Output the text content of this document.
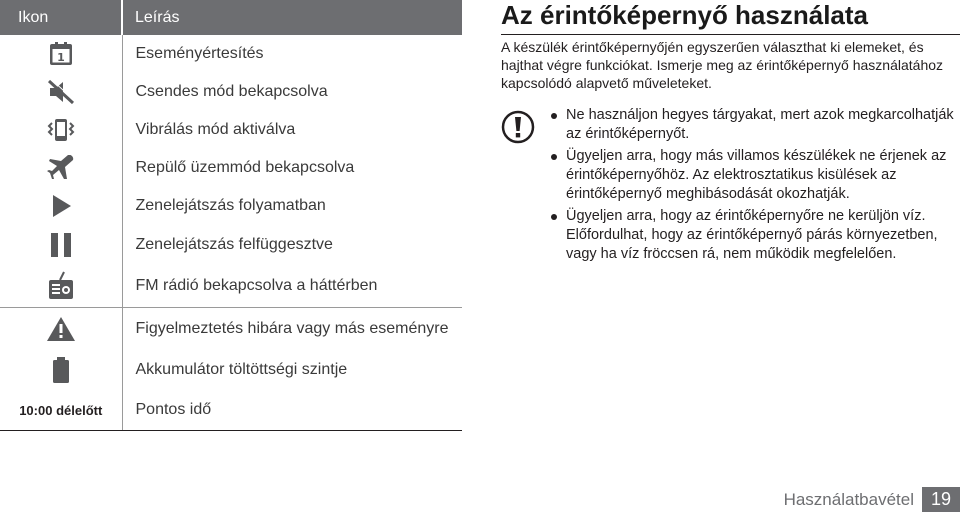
Ikon	Leírás

1	Eseményértesítés
	Csendes mód bekapcsolva
	Vibrálás mód aktiválva
	Repülő üzemmód bekapcsolva
	Zenelejátszás folyamatban
	Zenelejátszás felfüggesztve
	FM rádió bekapcsolva a háttérben
	Figyelmeztetés hibára vagy más eseményre
	Akkumulátor töltöttségi szintje
10:00 délelőtt	Pontos idő
Az érintőképernyő használata

A készülék érintőképernyőjén egyszerűen választhat ki elemeket, és hajthat végre funkciókat. Ismerje meg az érintőképernyő használatához kapcsolódó alapvető műveleteket.

Ne használjon hegyes tárgyakat, mert azok megkarcolhatják az érintőképernyőt.
Ügyeljen arra, hogy más villamos készülékek ne érjenek az érintőképernyőhöz. Az elektrosztatikus kisülések az érintőképernyő meghibásodását okozhatják.
Ügyeljen arra, hogy az érintőképernyőre ne kerüljön víz. Előfordulhat, hogy az érintőképernyő párás környezetben, vagy ha víz fröccsen rá, nem működik megfelelően.
Használatbavétel 19
